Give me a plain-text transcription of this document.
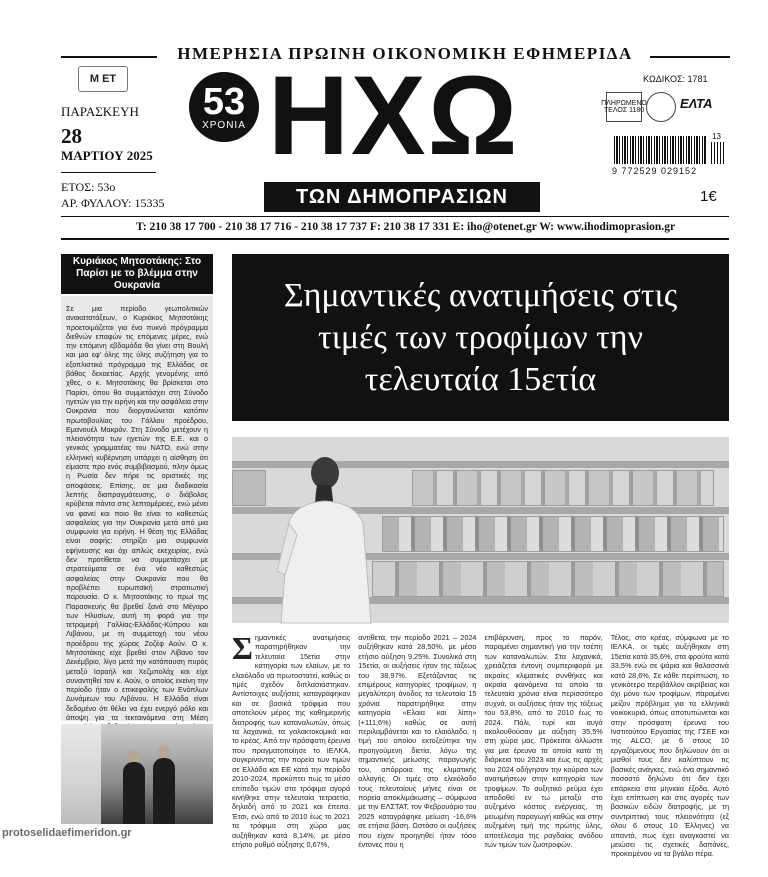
ΗΜΕΡΗΣΙΑ ΠΡΩΙΝΗ ΟΙΚΟΝΟΜΙΚΗ ΕΦΗΜΕΡΙΔΑ
Μ ΕΤ
ΠΑΡΑΣΚΕΥΗ
28
ΜΑΡΤΙΟΥ 2025
ΕΤΟΣ: 53ο
ΑΡ. ΦΥΛΛΟΥ: 15335
53
ΧΡΟΝΙΑ ΗΧΩ
ΤΩΝ ΔΗΜΟΠΡΑΣΙΩΝ
ΚΩΔΙΚΟΣ: 1781
ΠΛΗΡΩΜΕΝΟ ΤΕΛΟΣ 1180	ΕΛΤΑ
13
9 772529 029152
1€
T: 210 38 17 700 - 210 38 17 716 - 210 38 17 737 F: 210 38 17 331 E: iho@otenet.gr W: www.ihodimoprasion.gr
Κυριάκος Μητσοτάκης: Στο Παρίσι με το βλέμμα στην Ουκρανία
Σε μια περίοδο γεωπολιτικών ανακατατάξεων, ο Κυριάκος Μητσοτάκης προετοιμάζεται για ένα πυκνό πρόγραμμα διεθνών επαφών τις επόμενες μέρες, ενώ την επόμενη εβδομάδα θα γίνει στη Βουλή και μια εφ' όλης της ύλης συζήτηση για το εξοπλιστικό πρόγραμμα της Ελλάδας σε βάθος δεκαετίας. Αρχής γενομένης από χθες, ο κ. Μητσοτάκης θα βρίσκεται στο Παρίσι, όπου θα συμμετάσχει στη Σύνοδο ηγετών για την ειρήνη και την ασφάλεια στην Ουκρανία που διοργανώνεται κατόπιν πρωτοβουλίας του Γάλλου προέδρου, Εμανουέλ Μακρόν. Στη Σύνοδο μετέχουν η πλειονότητα των ηγετών της Ε.Ε. και ο γενικός γραμματέας του ΝΑΤΟ, ενώ στην ελληνική κυβέρνηση υπάρχει η αίσθηση ότι είμαστε προ ενός συμβιβασμού, πλην όμως η Ρωσία δεν πήρε τις οριστικές της αποφάσεις. Επίσης, σε μια διαδικασία λεπτής διαπραγμάτευσης, ο διάβολος κρύβεται πάντα στις λεπτομέρειες, ενώ μένει να φανεί και ποιο θα είναι το καθεστώς ασφαλείας για την Ουκρανία μετά από μια συμφωνία για ειρήνη. Η θέση της Ελλάδας είναι σαφής: στηρίζει μια συμφωνία εφήνευσης και όχι απλώς εκεχειρίας, ενώ δεν προτίθεται να συμμετάσχει με στρατεύματα σε ένα νέο καθεστώς ασφαλείας στην Ουκρανία που θα προβλέπει ευρωπαϊκή στρατιωτική παρουσία. Ο κ. Μητσοτάκης το πρωί της Παρασκευής θα βρεθεί ξανά στο Μέγαρο των Ηλυσίων, αυτή τη φορά για την τετραμερή Γαλλίας-Ελλάδος-Κύπρου και Λιβάνου, με τη συμμετοχή του νέου προέδρου της χώρας Ζοζέφ Αούν. Ο κ. Μητσοτάκης είχε βρεθεί στον Λίβανο τον Δεκέμβριο, λίγο μετά την κατάπαυση πυρός μεταξύ Ισραήλ και Χεζμπολάχ και είχε συναντηθεί τον κ. Αούν, ο οποίος εκείνη την περίοδο ήταν ο επικεφαλής των Ενόπλων Δυνάμεων του Λιβάνου. Η Ελλάδα είναι δεδομένο ότι θέλει να έχει ενεργό ρόλο και άποψη για τα τεκταινόμενα στη Μέση
protoselidaefimeridon.gr
Σημαντικές ανατιμήσεις στις τιμές των τροφίμων την τελευταία 15ετία
Σημαντικές ανατιμήσεις παρατηρήθηκαν την τελευταία 15ετία στην κατηγορία των ελαίων, με το ελαιόλαδο να πρωτοστατεί, καθώς οι τιμές σχεδόν διπλασιάστηκαν. Αντίστοιχες αυξήσεις καταγράφηκαν και σε βασικά τρόφιμα που αποτελούν μέρος της καθημερινής διατροφής των καταναλωτών, όπως τα λαχανικά, τα γαλακτοκομικά και το κρέας. Από την πρόσφατη έρευνα που πραγματοποίησε το ΙΕΛΚΑ, συγκρίνοντας την πορεία των τιμών σε Ελλάδα και ΕΕ κατά την περίοδο 2010-2024, προκύπτει πως το μέσο επίπεδο τιμών στα τρόφιμα αγορά κινήθηκε στην τελευταία τετραετία, δηλαδή από το 2021 και έπειτα. Έτσι, ενώ από το 2010 έως το 2021 τα τρόφιμα στη χώρα μας αυξήθηκαν κατά 8,14%, με μέσο ετήσιο ρυθμό αύξησης 0,67%,
αντίθετα, την περίοδο 2021 – 2024 αυξήθηκαν κατά 28,50%, με μέσο ετήσιο αύξηση 9,25%. Συνολικά στη 15ετία, οι αυξήσεις ήταν της τάξεως του 38,97%. Εξετάζοντας τις επιμέρους κατηγορίες τροφίμων, η μεγαλύτερη άνοδος τα τελευταία 15 χρόνια παρατηρήθηκε στην κατηγορία «Ελαια και λίπη» (+111,6%) καθώς σε αυτή περιλαμβάνεται και το ελαιόλαδο, η τιμή του οποίου εκτοξεύτηκε την προηγούμενη διετία, λόγω της σημαντικής μείωσης παραγωγής του, απόρροια της κλιματικής αλλαγής. Οι τιμές στο ελαιόλαδο τους τελευταίους μήνες είναι σε πορεία αποκλιμάκωσης – σύμφωνα με την ΕΛΣΤΑΤ, τον Φεβρουάριο του 2025 καταγράφηκε μείωση -16,6% σε ετήσια βάση. Ωστόσο οι αυξήσεις που είχαν προηγηθεί ήταν τόσο έντονες που η
επιβάρυνση, προς το παρόν, παραμένει σημαντική για την τσέπη των καταναλωτών. Στα λαχανικά, χρειάζεται έντονη συμπεριφορά με ακραίες κλιματικές συνθήκες και ακραία φαινόμενα τα οποία τα τελευταία χρόνια είναι περισσότερο συχνά, οι αυξήσεις ήταν της τάξεως του 53,8%, από το 2010 έως το 2024. Πάλι, τυρί και αυγά ακολουθούσαν με αύξηση 35,5% στη χώρα μας. Πρόκειται άλλωστε για μια έρευνα τα οποία κατά τη διάρκεια του 2023 και έως τις αρχές του 2024 οδήγησαν την κούρσα των ανατιμήσεων στην κατηγορία των τροφίμων. Το αυξητικό ρεύμα έχει αποδοθεί εν τω μεταξύ στο αυξημένο κόστος ενέργειας, τη μειωμένη παραγωγή καθώς και στην αυξημένη τιμή της πρώτης ύλης, αποτέλεσμα της ραγδαίας ανόδου των τιμών των ζωοτροφών.
Τέλος, στο κρέας, σύμφωνα με το ΙΕΛΚΑ, οι τιμές αυξήθηκαν στη 15ετία κατά 35,6%, στα φρούτα κατά 33,5% ενώ σε ψάρια και θαλασσινά κατά 28,6%. Σε κάθε περίπτωση, το γενικότερο περιβάλλον ακρίβειας και όχι μόνο των τροφίμων, παραμένει μείζον πρόβλημα για τα ελληνικά νοικοκυριά, όπως αποτυπώνεται και στην πρόσφατη έρευνα του Ινστιτούτου Εργασίας της ΓΣΕΕ και της ALCO, με 6 στους 10 εργαζόμενους που δηλώνουν ότι οι μισθοί τους δεν καλύπτουν τις βασικές ανάγκες, ενώ ένα σημαντικό ποσοστό δηλώνει ότι δεν έχει επάρκεια στα μηνιαία έξοδα. Αυτό έχει επίπτωση και στις αγορές των βασικών ειδών διατροφής, με τη συντριπτική τους πλειονότητα (εξ όλου 6 στους 10 Έλληνες) να απαντά, πως έχει αναγκαστεί να μειώσει τις σχετικές δαπάνες, προκειμένου να τα βγάλει πέρα.
